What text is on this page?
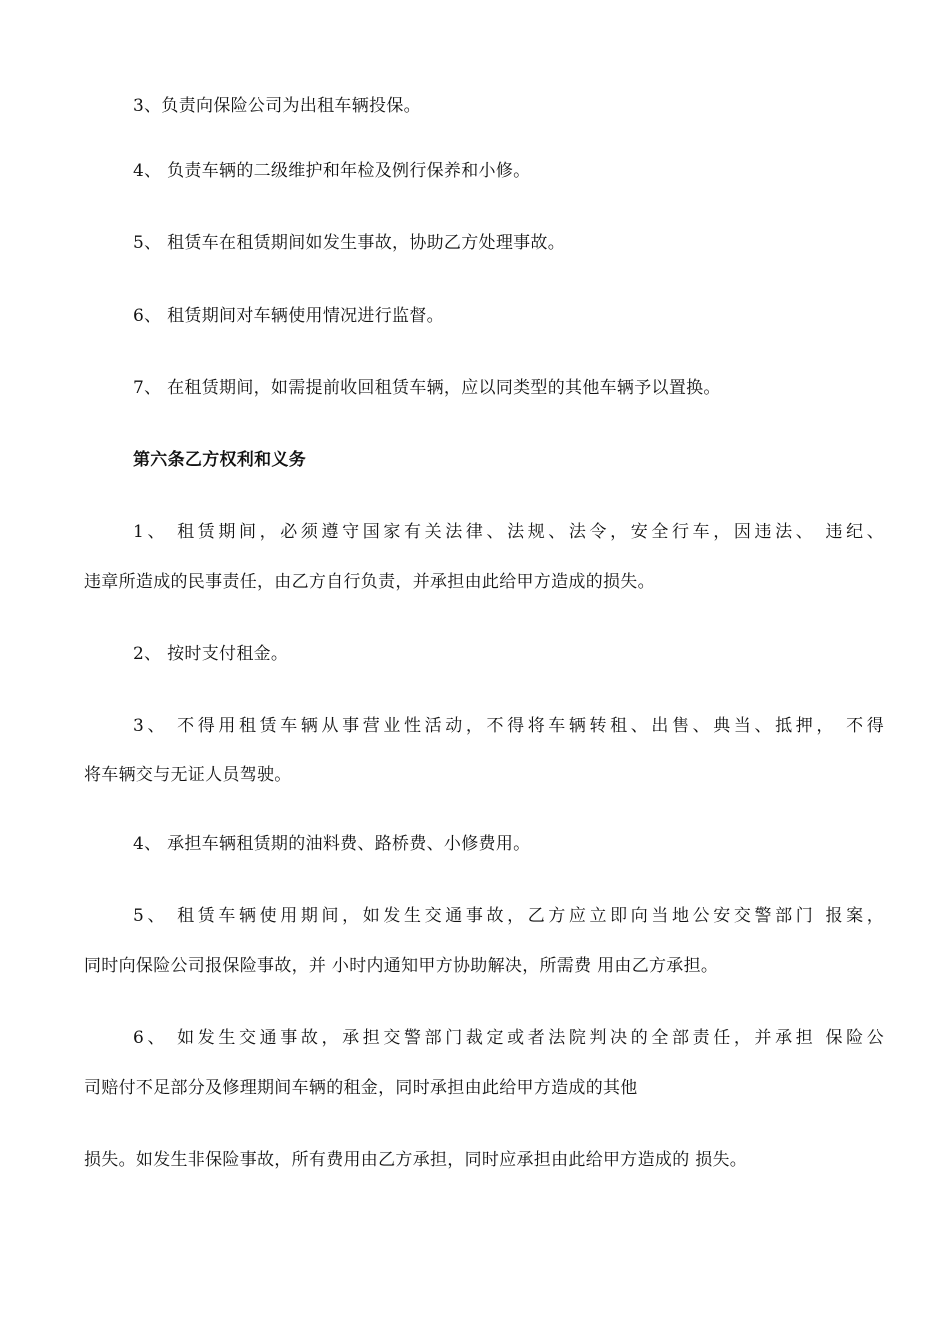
3、负责向保险公司为出租车辆投保。
4、 负责车辆的二级维护和年检及例行保养和小修。
5、 租赁车在租赁期间如发生事故，协助乙方处理事故。
6、 租赁期间对车辆使用情况进行监督。
7、 在租赁期间，如需提前收回租赁车辆，应以同类型的其他车辆予以置换。
第六条乙方权利和义务
1、 租赁期间，必须遵守国家有关法律、法规、法令，安全行车，因违法、 违纪、
违章所造成的民事责任，由乙方自行负责，并承担由此给甲方造成的损失。
2、 按时支付租金。
3、 不得用租赁车辆从事营业性活动，不得将车辆转租、出售、典当、抵押， 不得
将车辆交与无证人员驾驶。
4、 承担车辆租赁期的油料费、路桥费、小修费用。
5、 租赁车辆使用期间，如发生交通事故，乙方应立即向当地公安交警部门 报案，
同时向保险公司报保险事故，并 小时内通知甲方协助解决，所需费 用由乙方承担。
6、 如发生交通事故，承担交警部门裁定或者法院判决的全部责任，并承担 保险公
司赔付不足部分及修理期间车辆的租金，同时承担由此给甲方造成的其他
损失。如发生非保险事故，所有费用由乙方承担，同时应承担由此给甲方造成的 损失。
